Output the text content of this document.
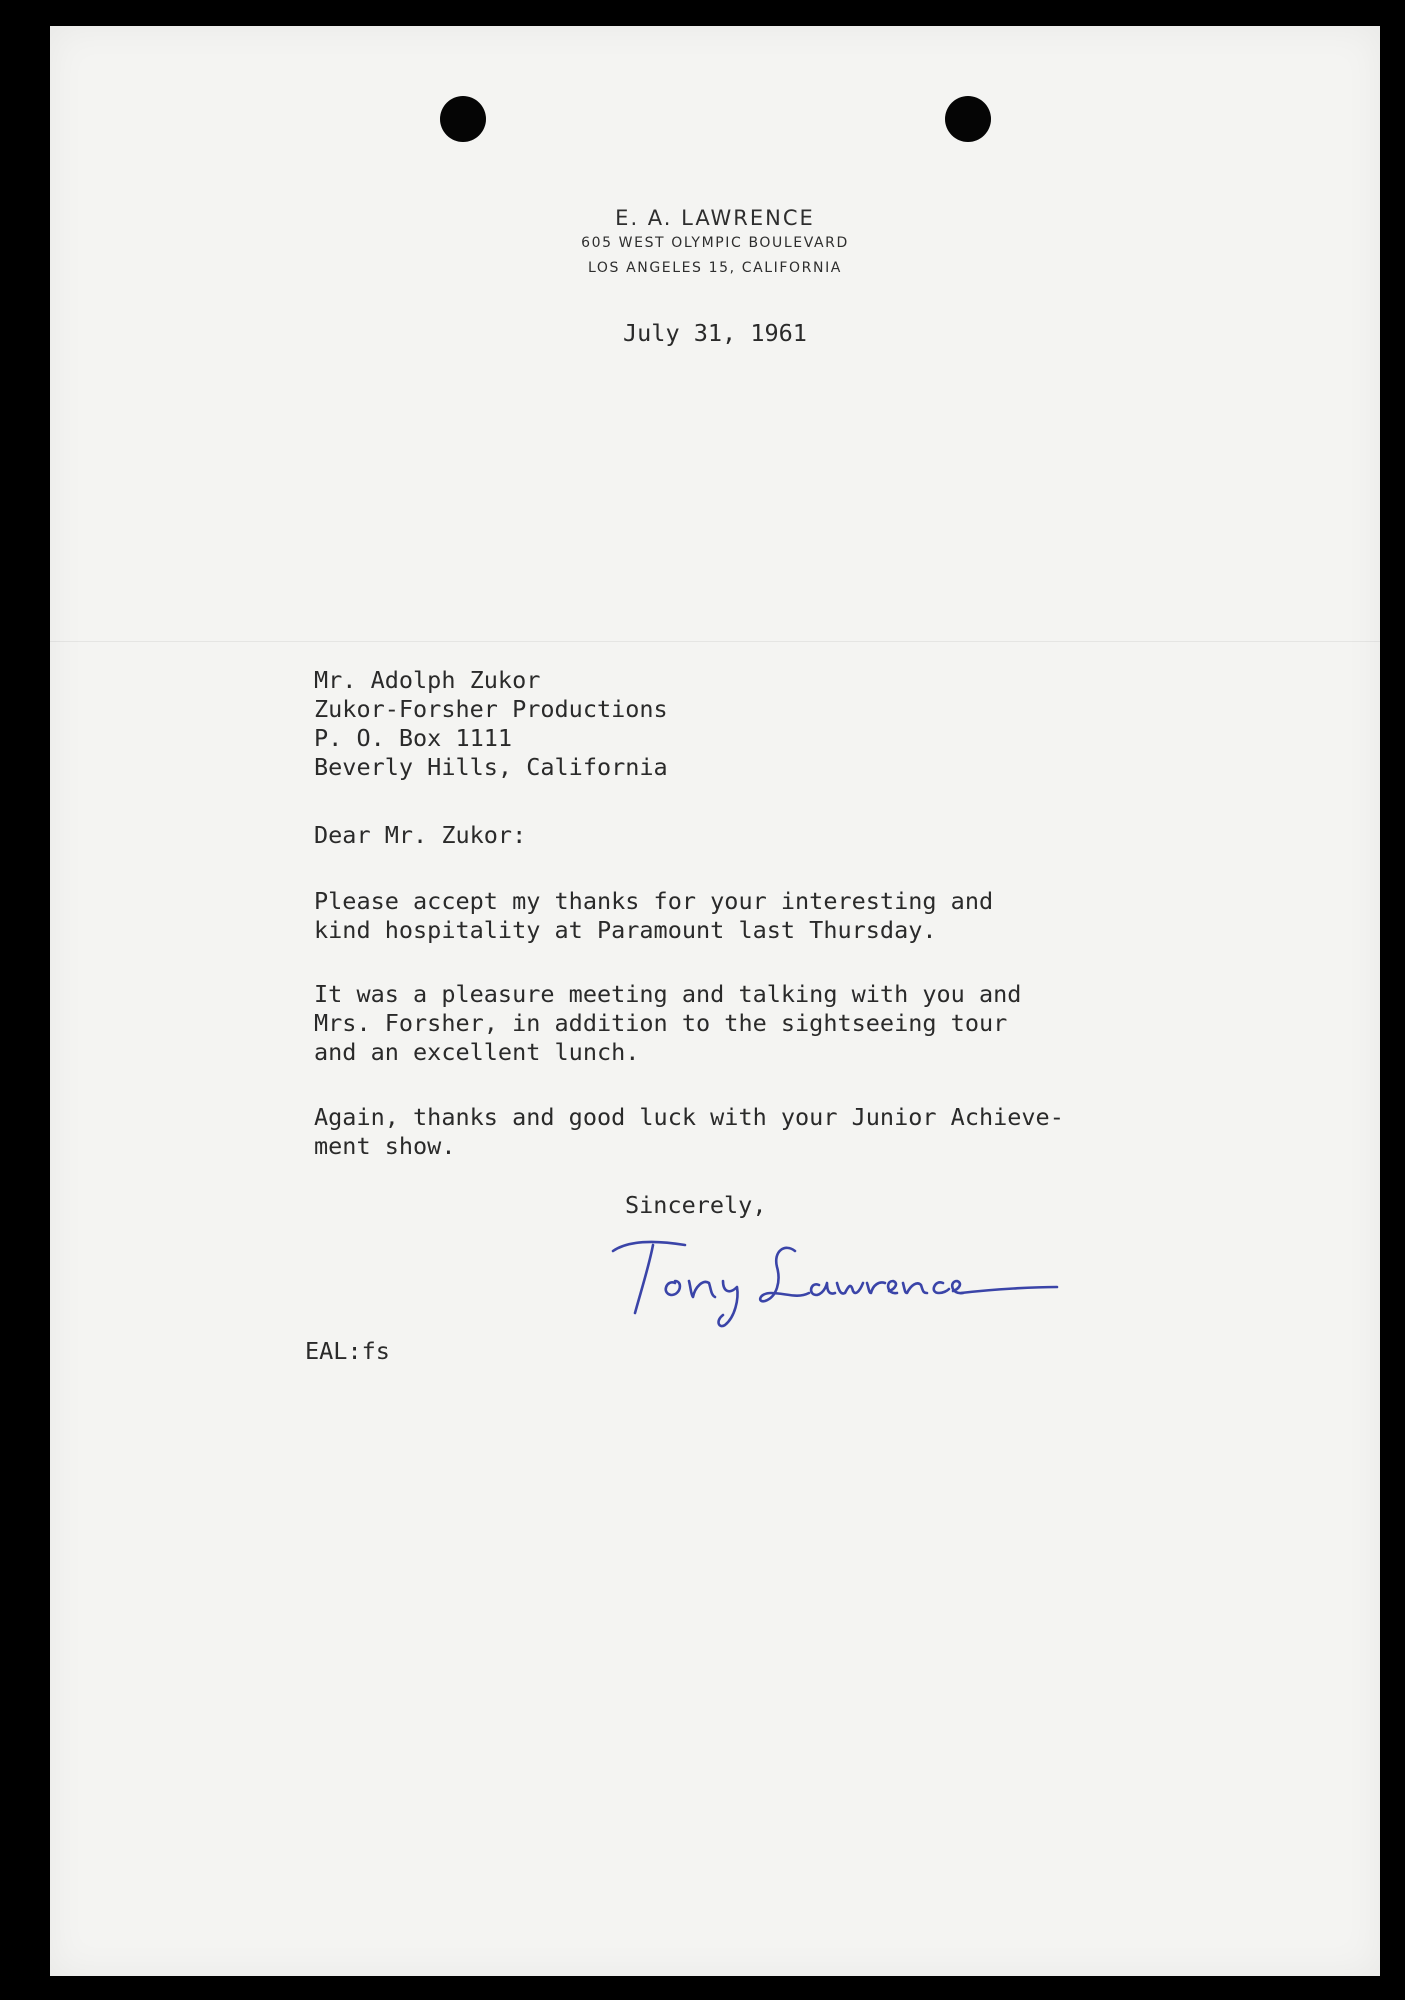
E. A. LAWRENCE
605 WEST OLYMPIC BOULEVARD
LOS ANGELES 15, CALIFORNIA
July 31, 1961
Mr. Adolph Zukor
Zukor-Forsher Productions
P. O. Box 1111
Beverly Hills, California
Dear Mr. Zukor:
Please accept my thanks for your interesting and
kind hospitality at Paramount last Thursday.
It was a pleasure meeting and talking with you and
Mrs. Forsher, in addition to the sightseeing tour
and an excellent lunch.
Again, thanks and good luck with your Junior Achieve-
ment show.
Sincerely,
EAL:fs
